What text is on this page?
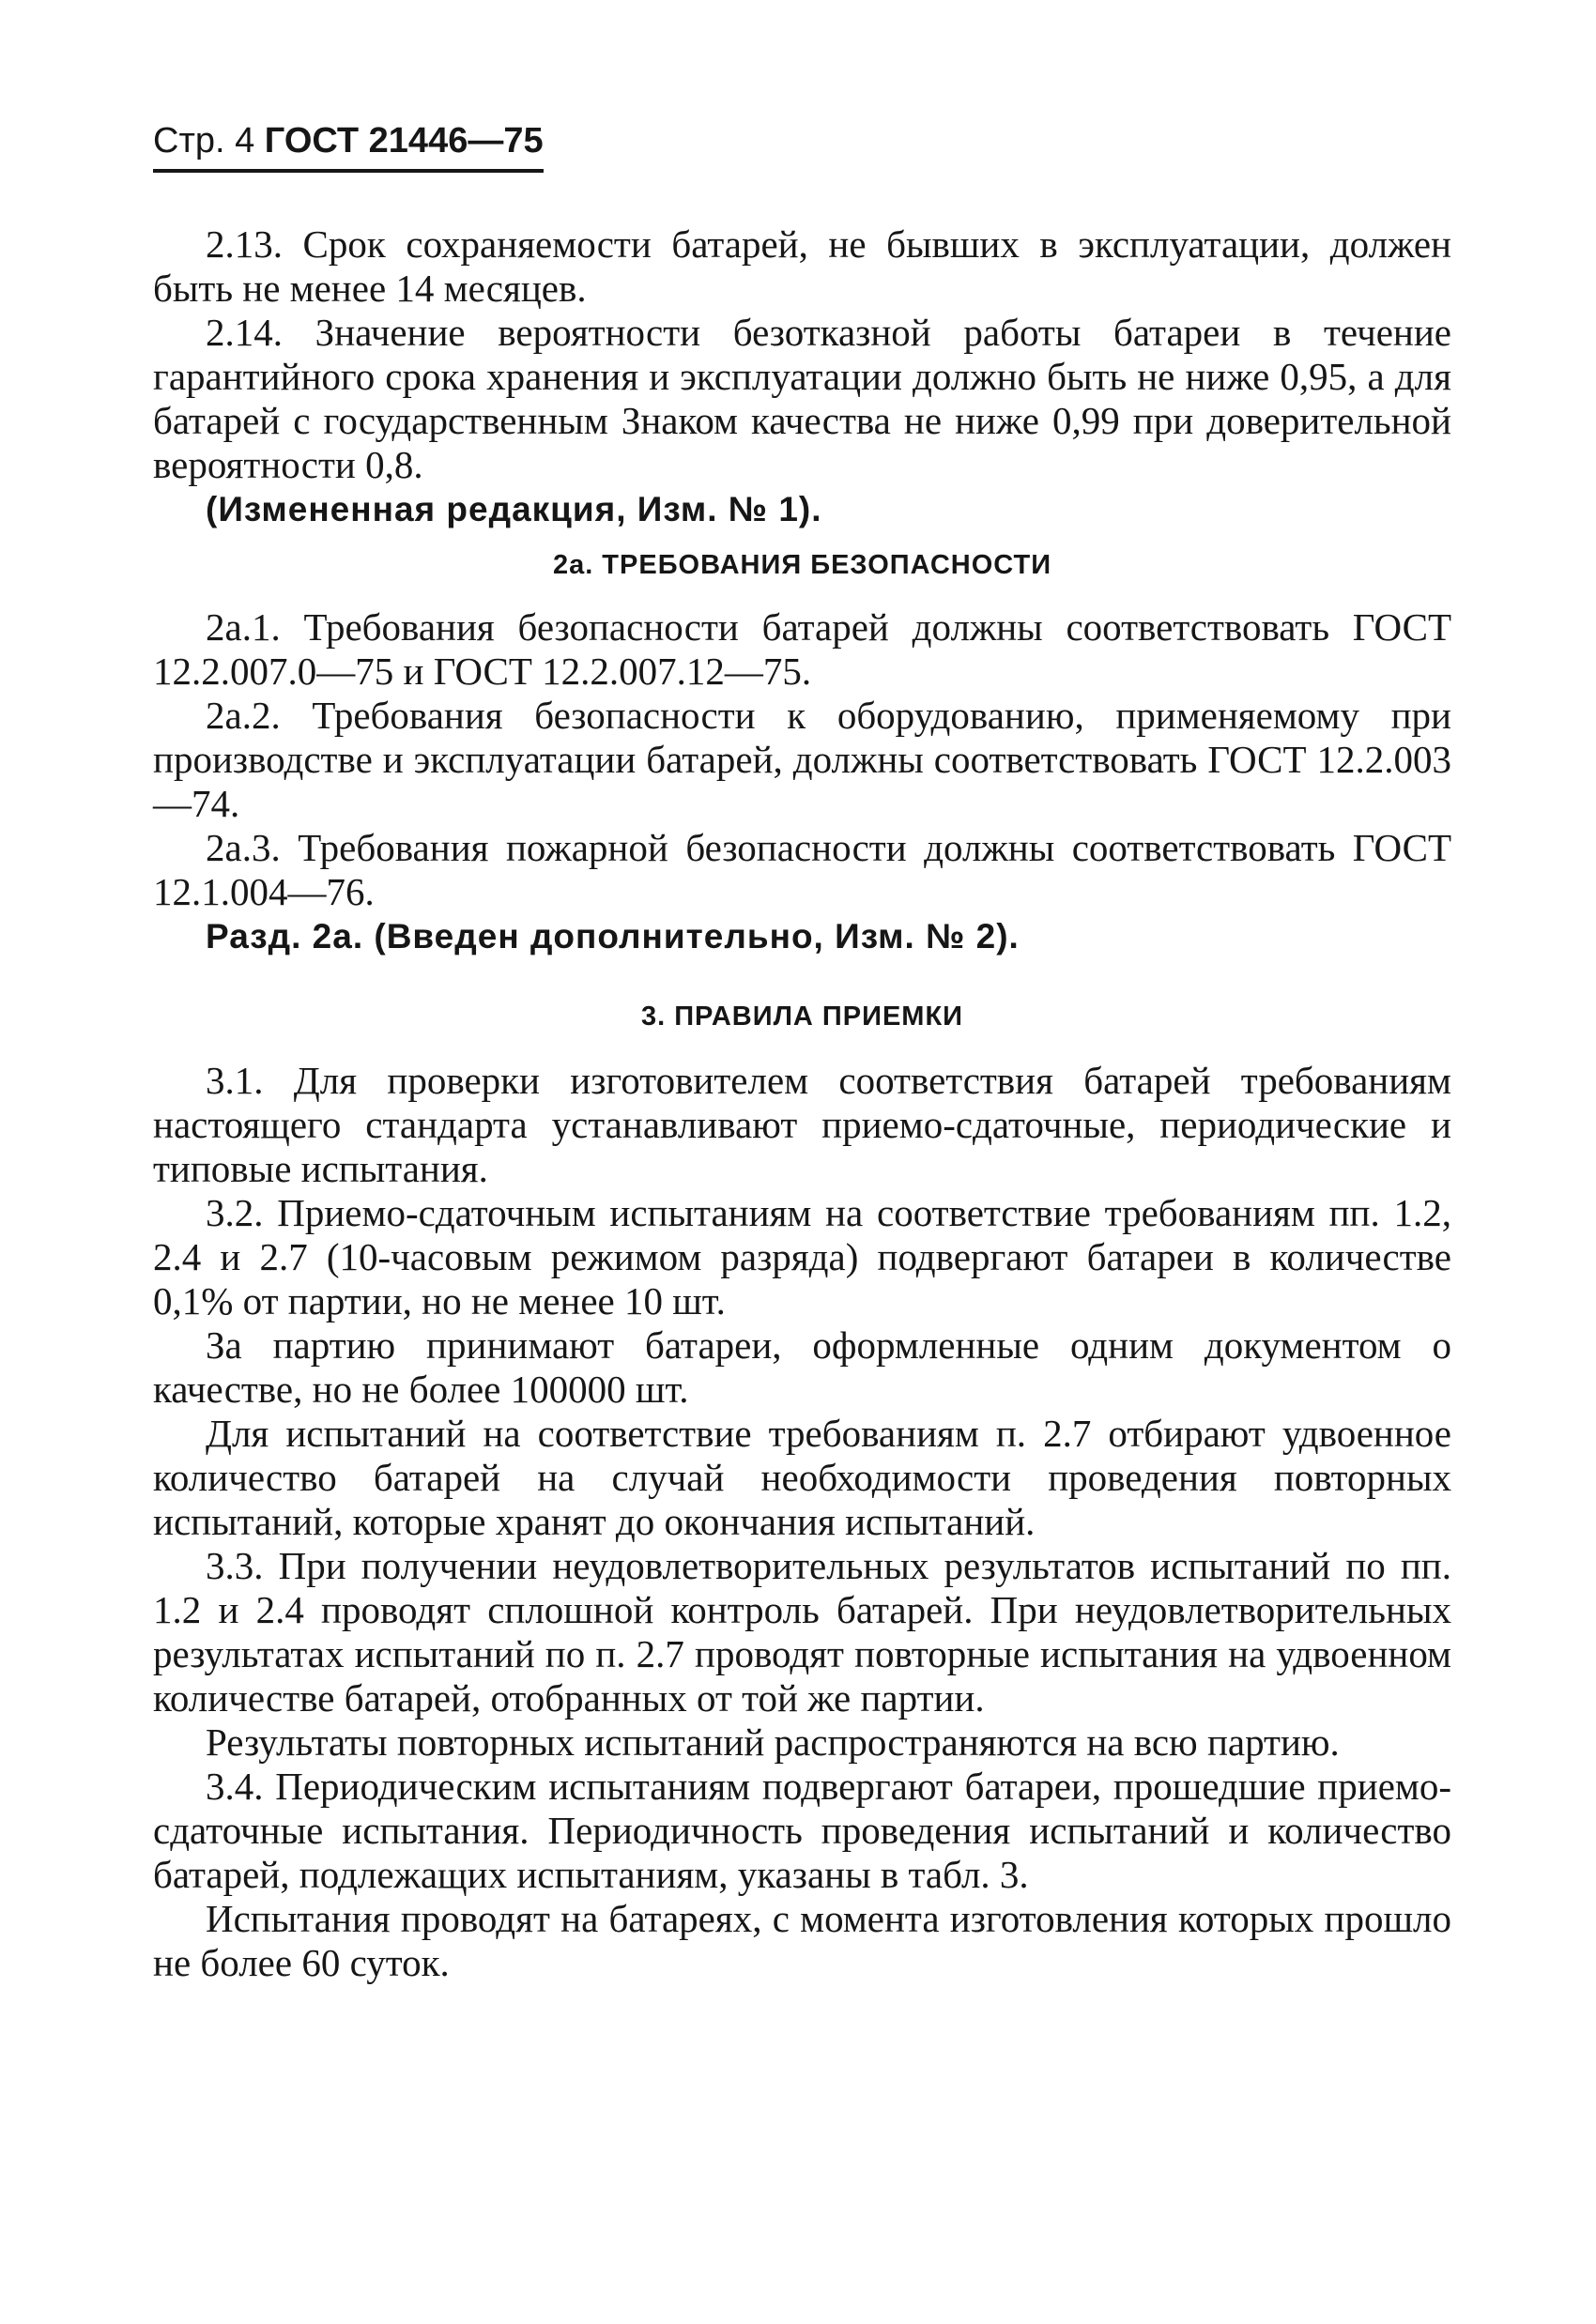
Стр. 4 ГОСТ 21446—75

2.13. Срок сохраняемости батарей, не бывших в эксплуатации, должен быть не менее 14 месяцев.

2.14. Значение вероятности безотказной работы батареи в течение гарантийного срока хранения и эксплуатации должно быть не ниже 0,95, а для батарей с государственным Знаком качества не ниже 0,99 при доверительной вероятности 0,8.

(Измененная редакция, Изм. № 1).

2а. ТРЕБОВАНИЯ БЕЗОПАСНОСТИ

2а.1. Требования безопасности батарей должны соответствовать ГОСТ 12.2.007.0—75 и ГОСТ 12.2.007.12—75.

2а.2. Требования безопасности к оборудованию, применяемому при производстве и эксплуатации батарей, должны соответствовать ГОСТ 12.2.003—74.

2а.3. Требования пожарной безопасности должны соответствовать ГОСТ 12.1.004—76.

Разд. 2а. (Введен дополнительно, Изм. № 2).

3. ПРАВИЛА ПРИЕМКИ

3.1. Для проверки изготовителем соответствия батарей требованиям настоящего стандарта устанавливают приемо-сдаточные, периодические и типовые испытания.

3.2. Приемо-сдаточным испытаниям на соответствие требованиям пп. 1.2, 2.4 и 2.7 (10-часовым режимом разряда) подвергают батареи в количестве 0,1% от партии, но не менее 10 шт.

За партию принимают батареи, оформленные одним документом о качестве, но не более 100000 шт.

Для испытаний на соответствие требованиям п. 2.7 отбирают удвоенное количество батарей на случай необходимости проведения повторных испытаний, которые хранят до окончания испытаний.

3.3. При получении неудовлетворительных результатов испытаний по пп. 1.2 и 2.4 проводят сплошной контроль батарей. При неудовлетворительных результатах испытаний по п. 2.7 проводят повторные испытания на удвоенном количестве батарей, отобранных от той же партии.

Результаты повторных испытаний распространяются на всю партию.

3.4. Периодическим испытаниям подвергают батареи, прошедшие приемо-сдаточные испытания. Периодичность проведения испытаний и количество батарей, подлежащих испытаниям, указаны в табл. 3.

Испытания проводят на батареях, с момента изготовления которых прошло не более 60 суток.
